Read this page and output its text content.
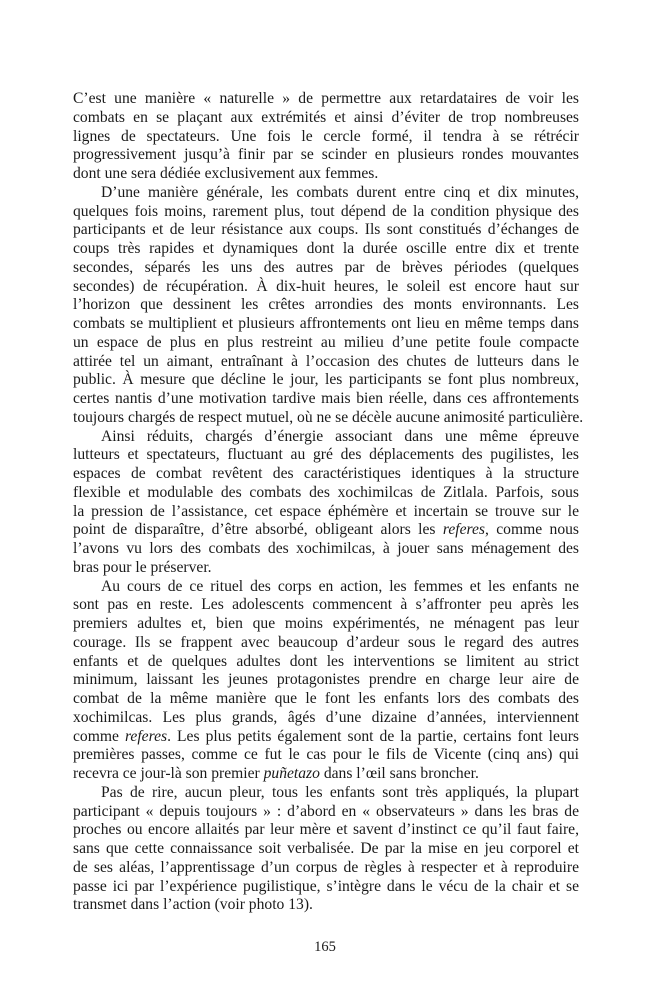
C’est une manière « naturelle » de permettre aux retardataires de voir les
combats en se plaçant aux extrémités et ainsi d’éviter de trop nombreuses
lignes de spectateurs. Une fois le cercle formé, il tendra à se rétrécir
progressivement jusqu’à finir par se scinder en plusieurs rondes mouvantes
dont une sera dédiée exclusivement aux femmes.
D’une manière générale, les combats durent entre cinq et dix minutes,
quelques fois moins, rarement plus, tout dépend de la condition physique des
participants et de leur résistance aux coups. Ils sont constitués d’échanges de
coups très rapides et dynamiques dont la durée oscille entre dix et trente
secondes, séparés les uns des autres par de brèves périodes (quelques
secondes) de récupération. À dix-huit heures, le soleil est encore haut sur
l’horizon que dessinent les crêtes arrondies des monts environnants. Les
combats se multiplient et plusieurs affrontements ont lieu en même temps dans
un espace de plus en plus restreint au milieu d’une petite foule compacte
attirée tel un aimant, entraînant à l’occasion des chutes de lutteurs dans le
public. À mesure que décline le jour, les participants se font plus nombreux,
certes nantis d’une motivation tardive mais bien réelle, dans ces affrontements
toujours chargés de respect mutuel, où ne se décèle aucune animosité particulière.
Ainsi réduits, chargés d’énergie associant dans une même épreuve
lutteurs et spectateurs, fluctuant au gré des déplacements des pugilistes, les
espaces de combat revêtent des caractéristiques identiques à la structure
flexible et modulable des combats des xochimilcas de Zitlala. Parfois, sous
la pression de l’assistance, cet espace éphémère et incertain se trouve sur le
point de disparaître, d’être absorbé, obligeant alors les referes, comme nous
l’avons vu lors des combats des xochimilcas, à jouer sans ménagement des
bras pour le préserver.
Au cours de ce rituel des corps en action, les femmes et les enfants ne
sont pas en reste. Les adolescents commencent à s’affronter peu après les
premiers adultes et, bien que moins expérimentés, ne ménagent pas leur
courage. Ils se frappent avec beaucoup d’ardeur sous le regard des autres
enfants et de quelques adultes dont les interventions se limitent au strict
minimum, laissant les jeunes protagonistes prendre en charge leur aire de
combat de la même manière que le font les enfants lors des combats des
xochimilcas. Les plus grands, âgés d’une dizaine d’années, interviennent
comme referes. Les plus petits également sont de la partie, certains font leurs
premières passes, comme ce fut le cas pour le fils de Vicente (cinq ans) qui
recevra ce jour-là son premier puñetazo dans l’œil sans broncher.
Pas de rire, aucun pleur, tous les enfants sont très appliqués, la plupart
participant « depuis toujours » : d’abord en « observateurs » dans les bras de
proches ou encore allaités par leur mère et savent d’instinct ce qu’il faut faire,
sans que cette connaissance soit verbalisée. De par la mise en jeu corporel et
de ses aléas, l’apprentissage d’un corpus de règles à respecter et à reproduire
passe ici par l’expérience pugilistique, s’intègre dans le vécu de la chair et se
transmet dans l’action (voir photo 13).
165
